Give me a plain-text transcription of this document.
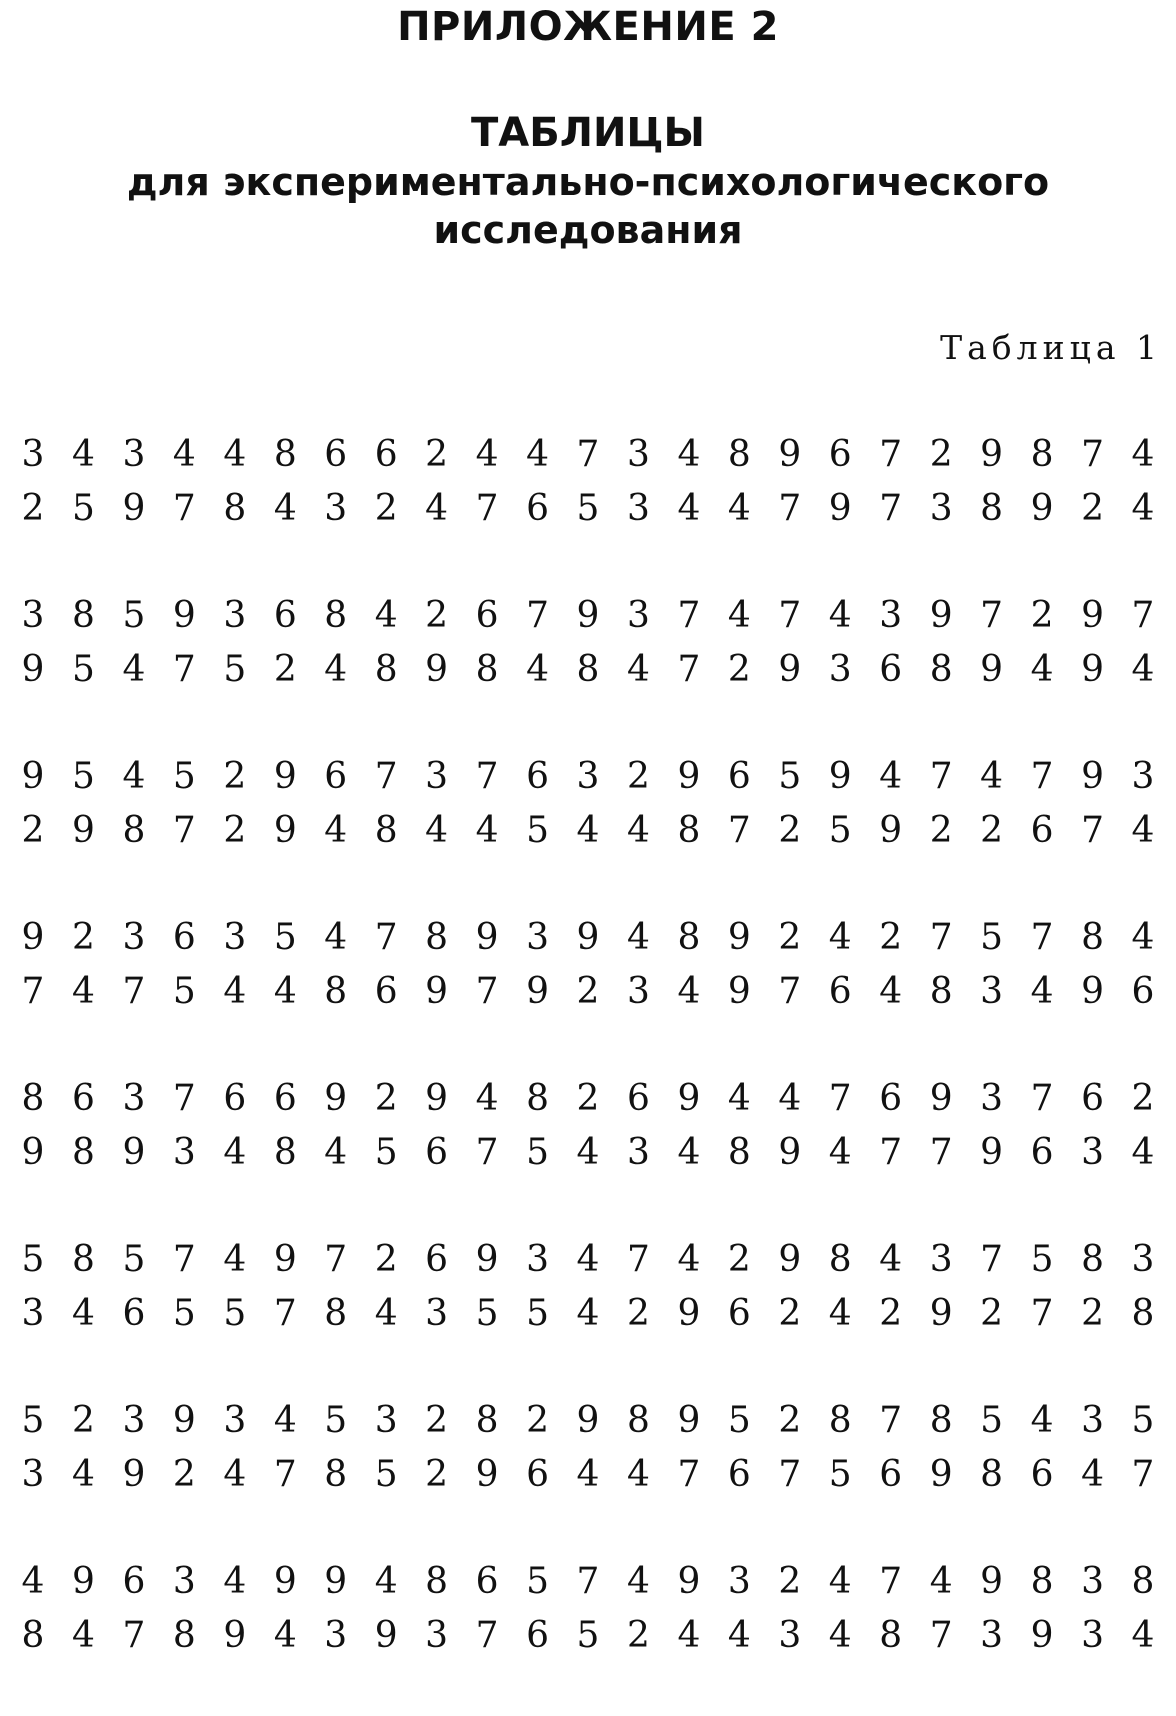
ПРИЛОЖЕНИЕ 2

ТАБЛИЦЫ

для экспериментально-психологического

исследования

Таблица 1

3 4 3 4 4 8 6 6 2 4 4 7 3 4 8 9 6 7 2 9 8 7 4
2 5 9 7 8 4 3 2 4 7 6 5 3 4 4 7 9 7 3 8 9 2 4
3 8 5 9 3 6 8 4 2 6 7 9 3 7 4 7 4 3 9 7 2 9 7
9 5 4 7 5 2 4 8 9 8 4 8 4 7 2 9 3 6 8 9 4 9 4
9 5 4 5 2 9 6 7 3 7 6 3 2 9 6 5 9 4 7 4 7 9 3
2 9 8 7 2 9 4 8 4 4 5 4 4 8 7 2 5 9 2 2 6 7 4
9 2 3 6 3 5 4 7 8 9 3 9 4 8 9 2 4 2 7 5 7 8 4
7 4 7 5 4 4 8 6 9 7 9 2 3 4 9 7 6 4 8 3 4 9 6
8 6 3 7 6 6 9 2 9 4 8 2 6 9 4 4 7 6 9 3 7 6 2
9 8 9 3 4 8 4 5 6 7 5 4 3 4 8 9 4 7 7 9 6 3 4
5 8 5 7 4 9 7 2 6 9 3 4 7 4 2 9 8 4 3 7 5 8 3
3 4 6 5 5 7 8 4 3 5 5 4 2 9 6 2 4 2 9 2 7 2 8
5 2 3 9 3 4 5 3 2 8 2 9 8 9 5 2 8 7 8 5 4 3 5
3 4 9 2 4 7 8 5 2 9 6 4 4 7 6 7 5 6 9 8 6 4 7
4 9 6 3 4 9 9 4 8 6 5 7 4 9 3 2 4 7 4 9 8 3 8
8 4 7 8 9 4 3 9 3 7 6 5 2 4 4 3 4 8 7 3 9 3 4
